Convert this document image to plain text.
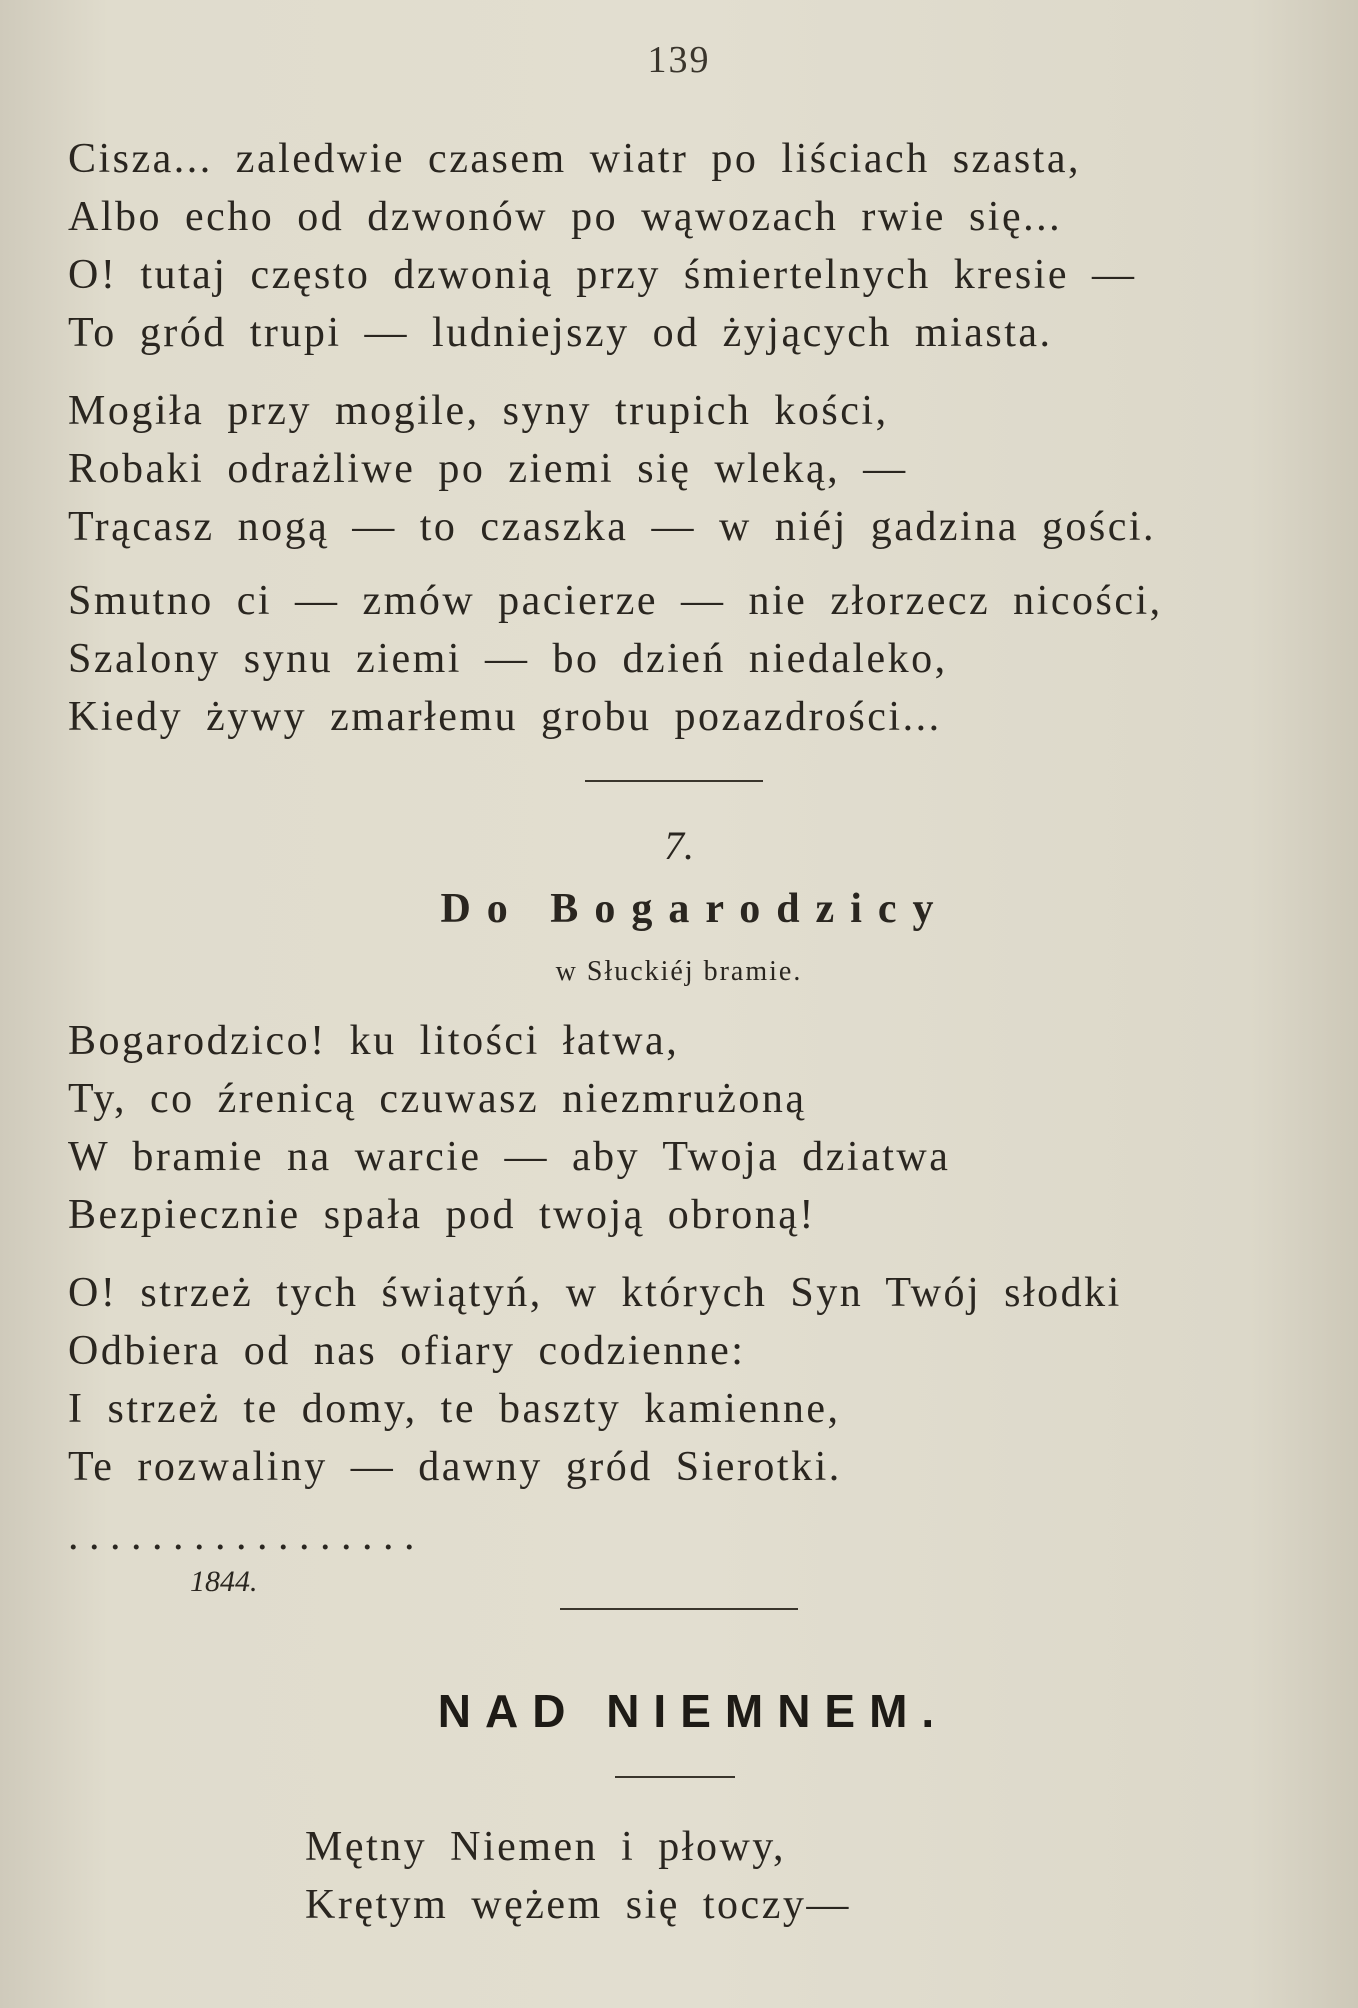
139
Cisza... zaledwie czasem wiatr po liściach szasta,
Albo echo od dzwonów po wąwozach rwie się...
O! tutaj często dzwonią przy śmiertelnych kresie —
To gród trupi — ludniejszy od żyjących miasta.
Mogiła przy mogile, syny trupich kości,
Robaki odrażliwe po ziemi się wleką, —
Trącasz nogą — to czaszka — w niéj gadzina gości.
Smutno ci — zmów pacierze — nie złorzecz nicości,
Szalony synu ziemi — bo dzień niedaleko,
Kiedy żywy zmarłemu grobu pozazdrości...
7.
Do Bogarodzicy
w Słuckiéj bramie.
Bogarodzico! ku litości łatwa,
Ty, co źrenicą czuwasz niezmrużoną
W bramie na warcie — aby Twoja dziatwa
Bezpiecznie spała pod twoją obroną!
O! strzeż tych świątyń, w których Syn Twój słodki
Odbiera od nas ofiary codzienne:
I strzeż te domy, te baszty kamienne,
Te rozwaliny — dawny gród Sierotki.
. . . . . . . . . . . . . . . . .
1844.
NAD NIEMNEM.
Mętny Niemen i płowy,
Krętym wężem się toczy—
